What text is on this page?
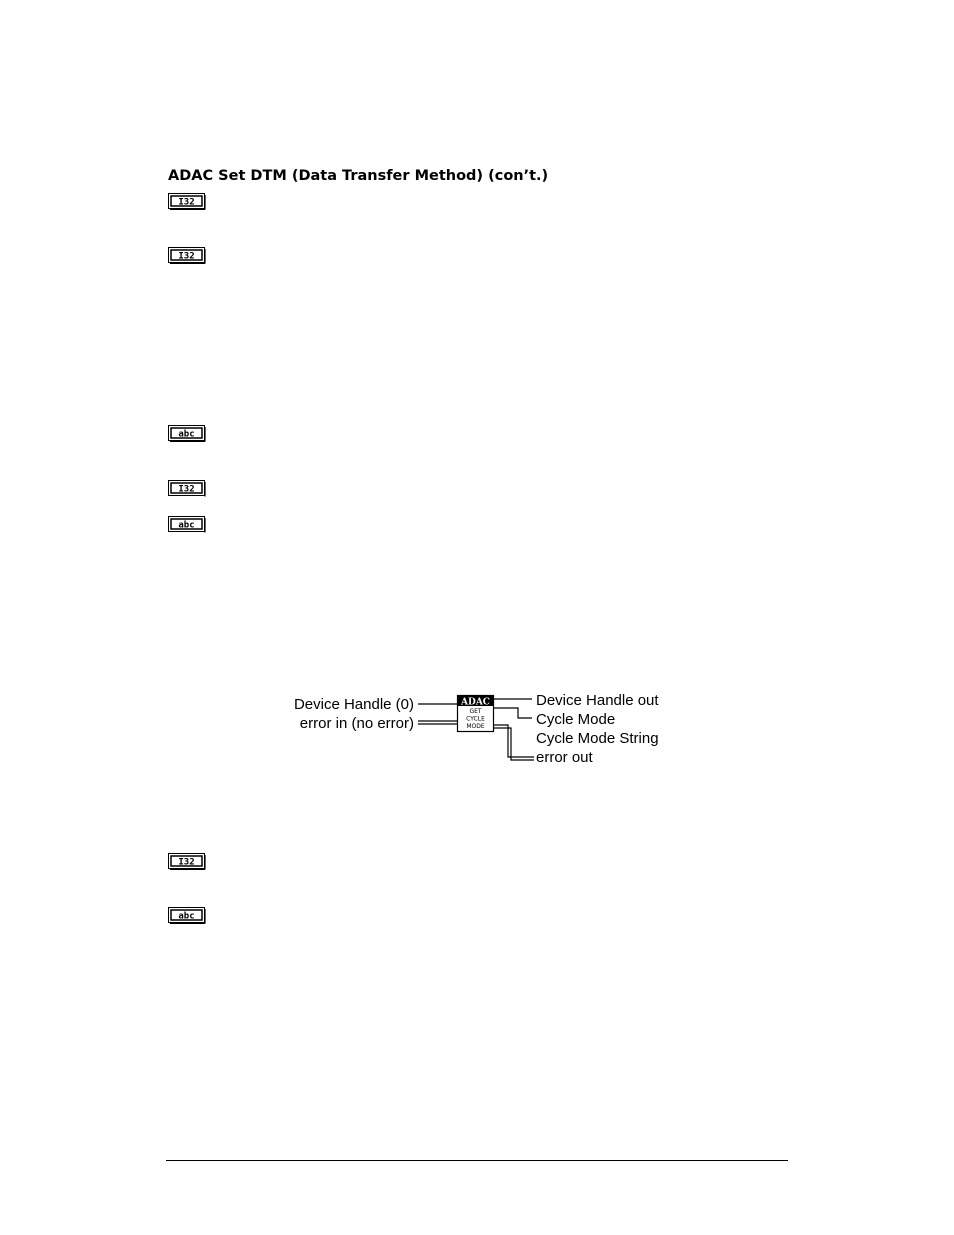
ADAC Set DTM (Data Transfer Method) (con’t.)
I32
I32
abc
I32
abc
I32
abc
Device Handle (0)
error in (no error)
ADAC
GET
CYCLE
MODE
Device Handle out
Cycle Mode
Cycle Mode String
error out
